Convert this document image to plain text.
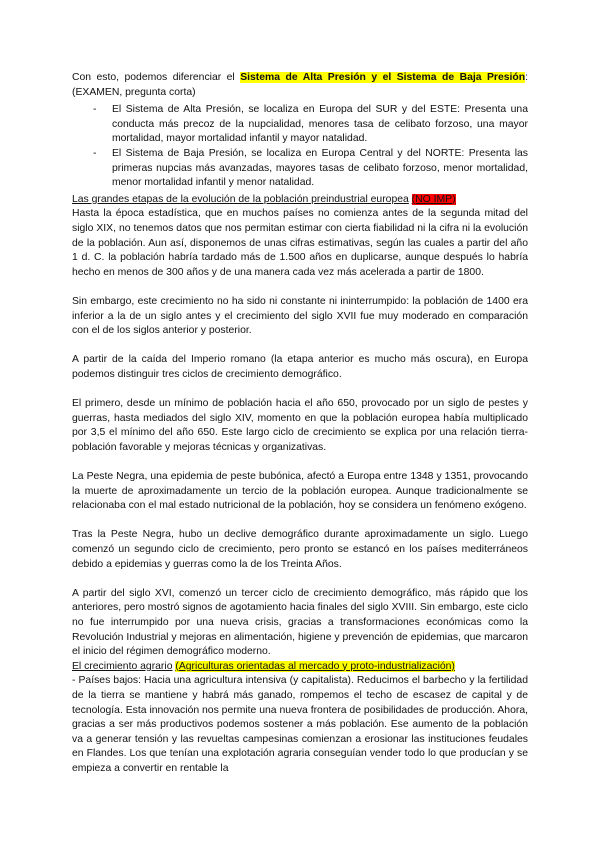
Con esto, podemos diferenciar el Sistema de Alta Presión y el Sistema de Baja Presión: (EXAMEN, pregunta corta)

- El Sistema de Alta Presión, se localiza en Europa del SUR y del ESTE: Presenta una conducta más precoz de la nupcialidad, menores tasa de celibato forzoso, una mayor mortalidad, mayor mortalidad infantil y mayor natalidad.
- El Sistema de Baja Presión, se localiza en Europa Central y del NORTE: Presenta las primeras nupcias más avanzadas, mayores tasas de celibato forzoso, menor mortalidad, menor mortalidad infantil y menor natalidad.

Las grandes etapas de la evolución de la población preindustrial europea (NO IMP)

Hasta la época estadística, que en muchos países no comienza antes de la segunda mitad del siglo XIX, no tenemos datos que nos permitan estimar con cierta fiabilidad ni la cifra ni la evolución de la población. Aun así, disponemos de unas cifras estimativas, según las cuales a partir del año 1 d. C. la población habría tardado más de 1.500 años en duplicarse, aunque después lo habría hecho en menos de 300 años y de una manera cada vez más acelerada a partir de 1800.

Sin embargo, este crecimiento no ha sido ni constante ni ininterrumpido: la población de 1400 era inferior a la de un siglo antes y el crecimiento del siglo XVII fue muy moderado en comparación con el de los siglos anterior y posterior.

A partir de la caída del Imperio romano (la etapa anterior es mucho más oscura), en Europa podemos distinguir tres ciclos de crecimiento demográfico.

El primero, desde un mínimo de población hacia el año 650, provocado por un siglo de pestes y guerras, hasta mediados del siglo XIV, momento en que la población europea había multiplicado por 3,5 el mínimo del año 650. Este largo ciclo de crecimiento se explica por una relación tierra-población favorable y mejoras técnicas y organizativas.

La Peste Negra, una epidemia de peste bubónica, afectó a Europa entre 1348 y 1351, provocando la muerte de aproximadamente un tercio de la población europea. Aunque tradicionalmente se relacionaba con el mal estado nutricional de la población, hoy se considera un fenómeno exógeno.

Tras la Peste Negra, hubo un declive demográfico durante aproximadamente un siglo. Luego comenzó un segundo ciclo de crecimiento, pero pronto se estancó en los países mediterráneos debido a epidemias y guerras como la de los Treinta Años.

A partir del siglo XVI, comenzó un tercer ciclo de crecimiento demográfico, más rápido que los anteriores, pero mostró signos de agotamiento hacia finales del siglo XVIII. Sin embargo, este ciclo no fue interrumpido por una nueva crisis, gracias a transformaciones económicas como la Revolución Industrial y mejoras en alimentación, higiene y prevención de epidemias, que marcaron el inicio del régimen demográfico moderno.

El crecimiento agrario (Agriculturas orientadas al mercado y proto-industrialización)

- Países bajos: Hacia una agricultura intensiva (y capitalista). Reducimos el barbecho y la fertilidad de la tierra se mantiene y habrá más ganado, rompemos el techo de escasez de capital y de tecnología. Esta innovación nos permite una nueva frontera de posibilidades de producción. Ahora, gracias a ser más productivos podemos sostener a más población. Ese aumento de la población va a generar tensión y las revueltas campesinas comienzan a erosionar las instituciones feudales en Flandes. Los que tenían una explotación agraria conseguían vender todo lo que producían y se empieza a convertir en rentable la
